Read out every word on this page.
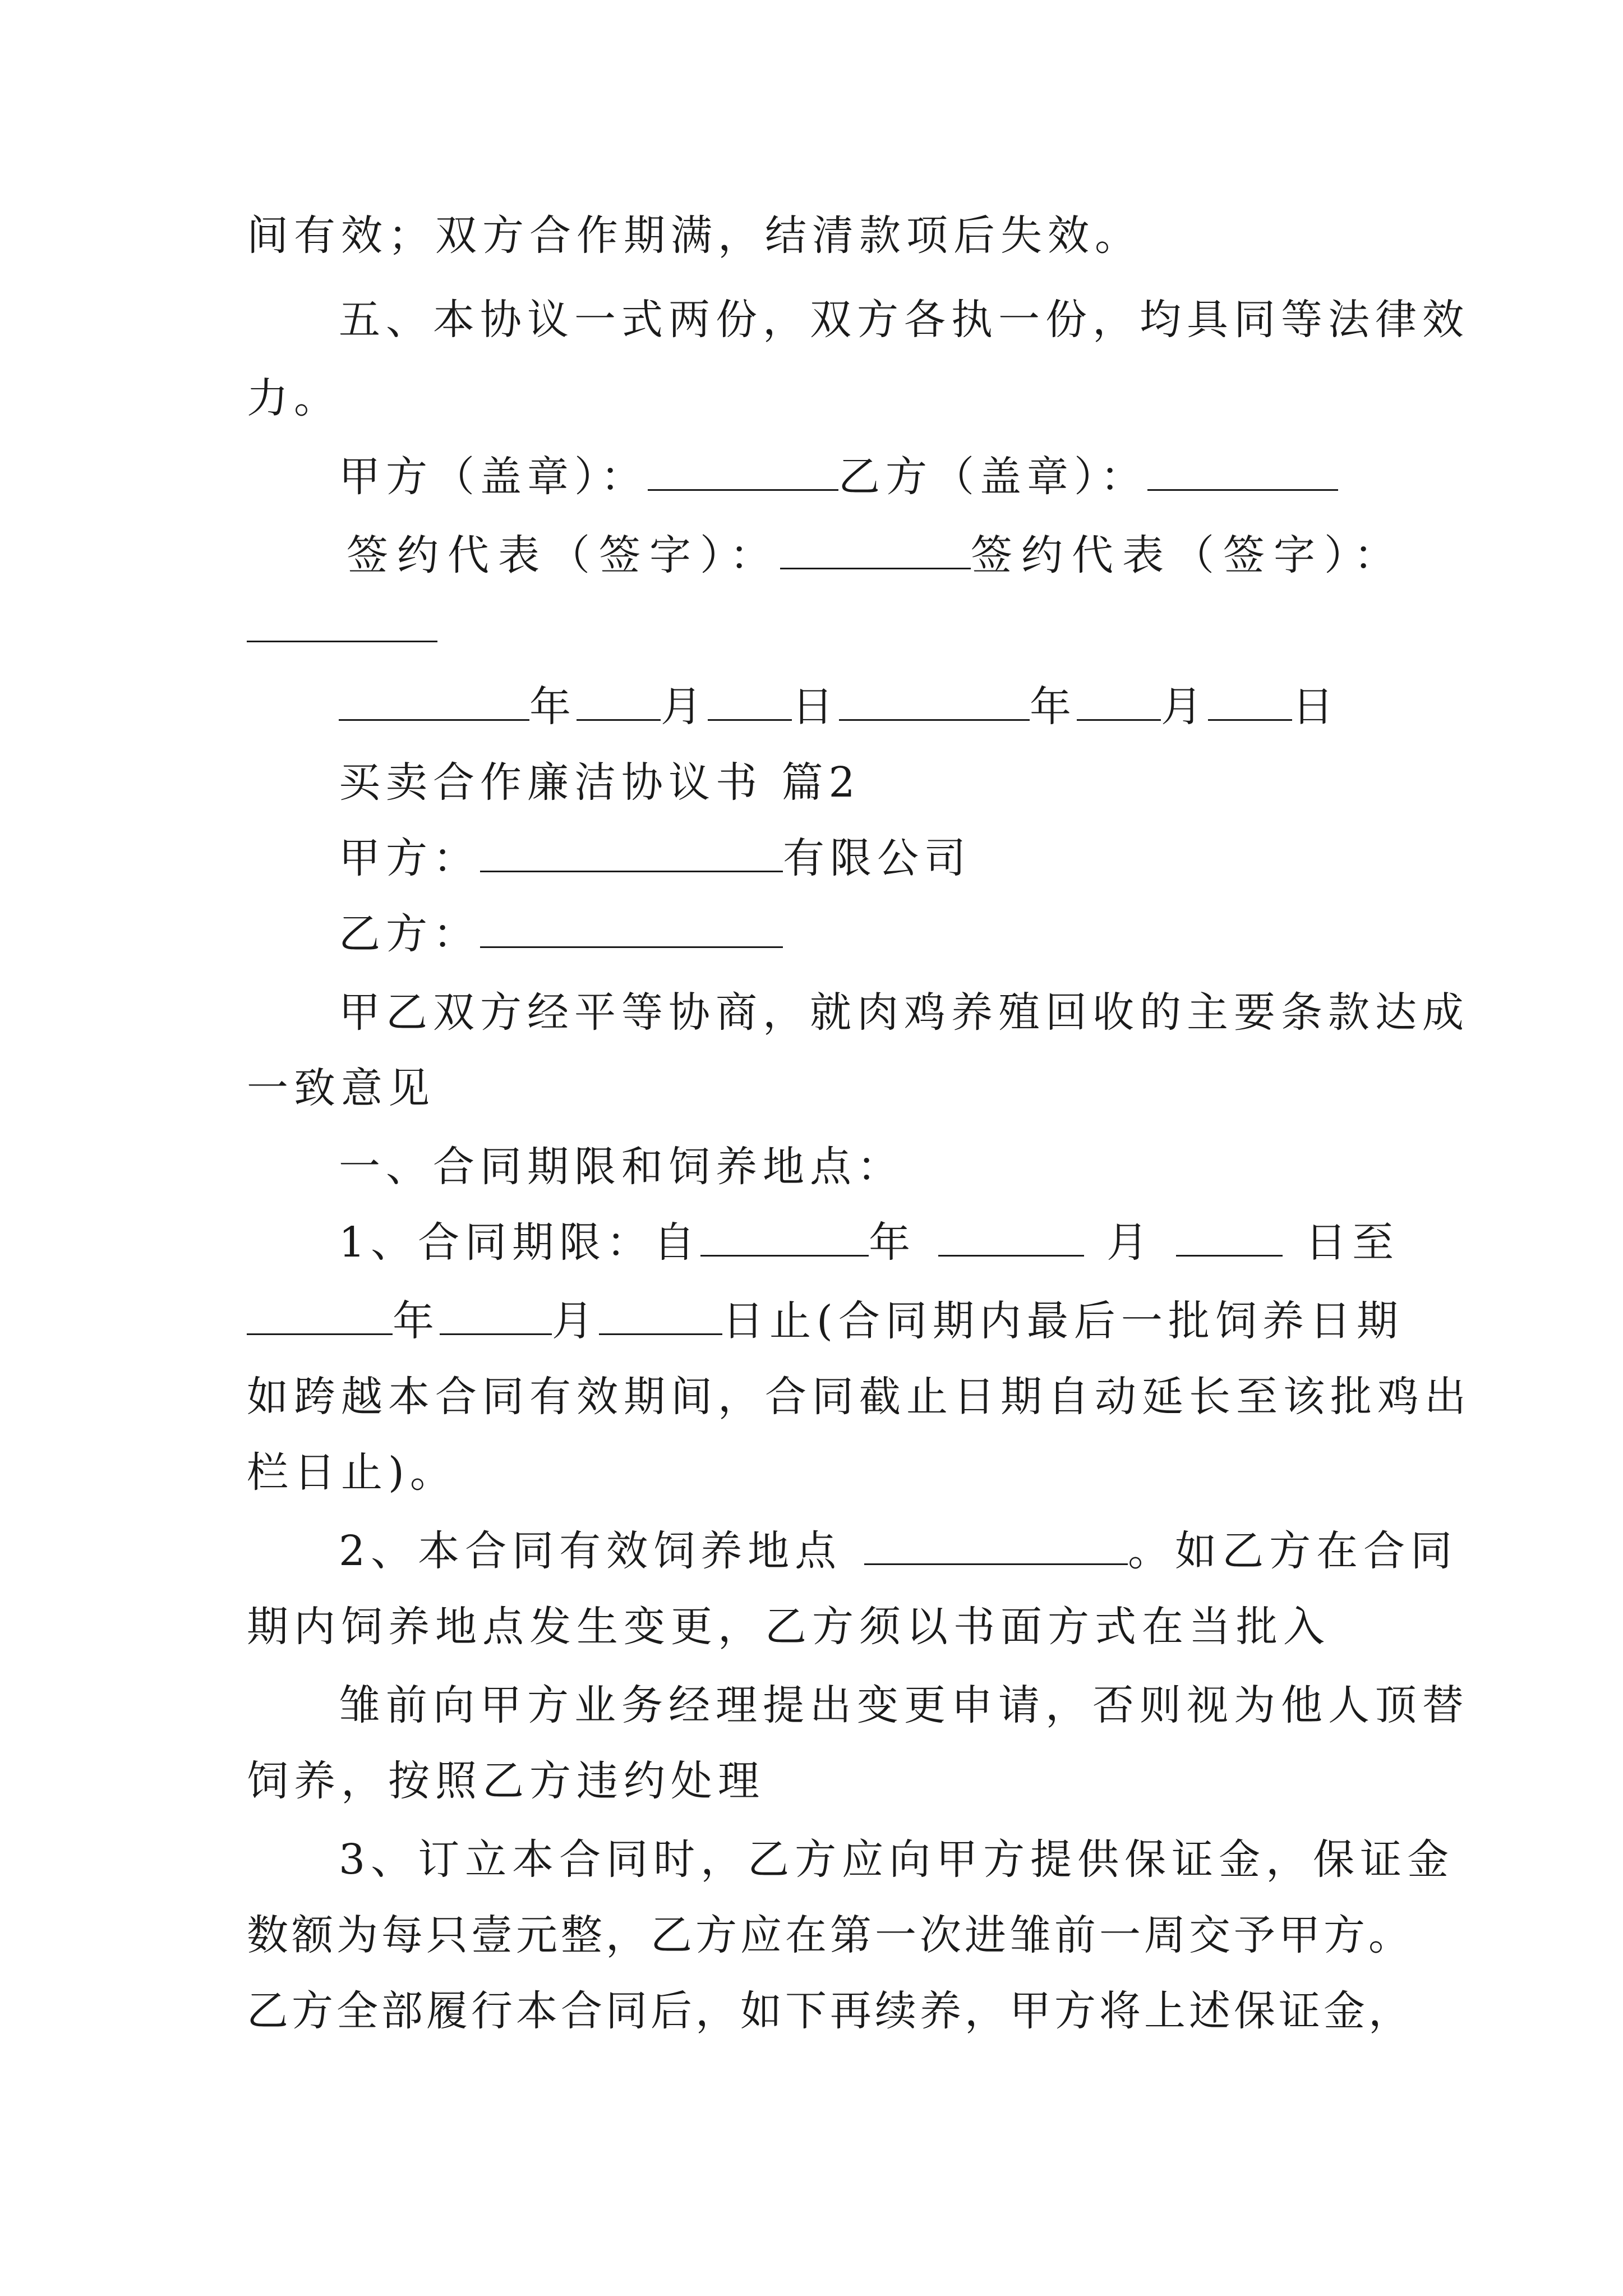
间有效；双方合作期满，结清款项后失效。
五、本协议一式两份，双方各执一份，均具同等法律效
力。
甲方（盖章）：	乙方（盖章）：
签约代表（签字）：	签约代表（签字）：
年 月 日	年 月 日
买卖合作廉洁协议书 篇2
甲方：	有限公司
乙方：
甲乙双方经平等协商，就肉鸡养殖回收的主要条款达成
一致意见
一、合同期限和饲养地点：
1、合同期限：自	年	月	日至
年	月	日止(合同期内最后一批饲养日期
如跨越本合同有效期间，合同截止日期自动延长至该批鸡出
栏日止)。
2、本合同有效饲养地点	。如乙方在合同
期内饲养地点发生变更，乙方须以书面方式在当批入
雏前向甲方业务经理提出变更申请，否则视为他人顶替
饲养，按照乙方违约处理
3、订立本合同时，乙方应向甲方提供保证金，保证金
数额为每只壹元整，乙方应在第一次进雏前一周交予甲方。
乙方全部履行本合同后，如下再续养，甲方将上述保证金，
